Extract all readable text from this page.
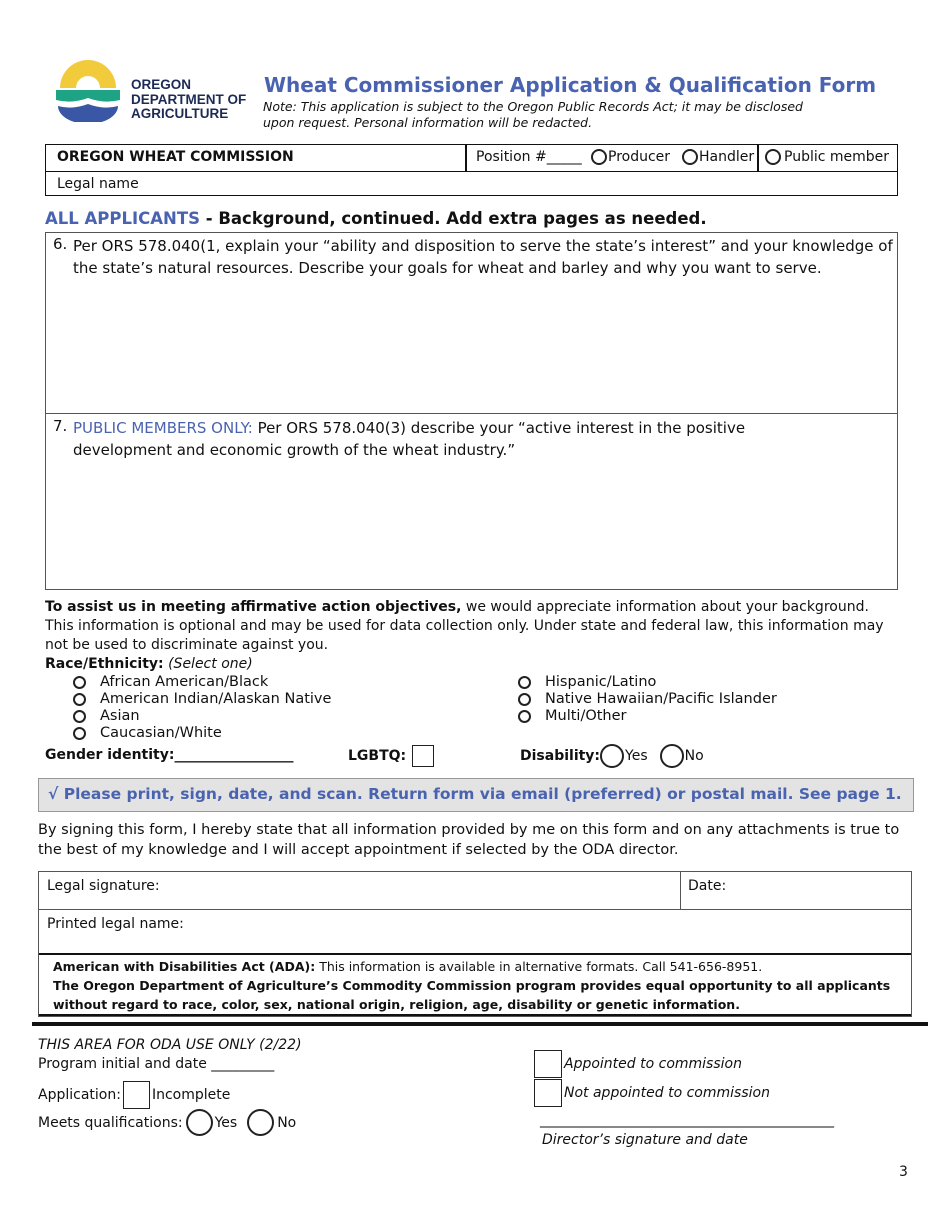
OREGON
DEPARTMENT OF
AGRICULTURE
Wheat Commissioner Application & Qualification Form
Note: This application is subject to the Oregon Public Records Act; it may be disclosed upon request. Personal information will be redacted.
OREGON WHEAT COMMISSION	Position #_____ Producer Handler Public member
Legal name
ALL APPLICANTS - Background, continued. Add extra pages as needed.
6. Per ORS 578.040(1, explain your “ability and disposition to serve the state’s interest” and your knowledge of the state’s natural resources. Describe your goals for wheat and barley and why you want to serve.
7. PUBLIC MEMBERS ONLY: Per ORS 578.040(3) describe your “active interest in the positive development and economic growth of the wheat industry.”
To assist us in meeting affirmative action objectives, we would appreciate information about your background. This information is optional and may be used for data collection only. Under state and federal law, this information may not be used to discriminate against you.
Race/Ethnicity: (Select one)
African American/Black
American Indian/Alaskan Native
Asian
Caucasian/White
Hispanic/Latino
Native Hawaiian/Pacific Islander
Multi/Other
Gender identity:_________________	LGBTQ:	Disability: Yes	No
√ Please print, sign, date, and scan. Return form via email (preferred) or postal mail. See page 1.
By signing this form, I hereby state that all information provided by me on this form and on any attachments is true to the best of my knowledge and I will accept appointment if selected by the ODA director.
Legal signature:	Date:
Printed legal name:
American with Disabilities Act (ADA): This information is available in alternative formats. Call 541-656-8951.
The Oregon Department of Agriculture’s Commodity Commission program provides equal opportunity to all applicants without regard to race, color, sex, national origin, religion, age, disability or genetic information.
THIS AREA FOR ODA USE ONLY (2/22)
Program initial and date _________
Application: Incomplete
Meets qualifications: Yes	No
Appointed to commission
Not appointed to commission
__________________________________________
Director’s signature and date
3
